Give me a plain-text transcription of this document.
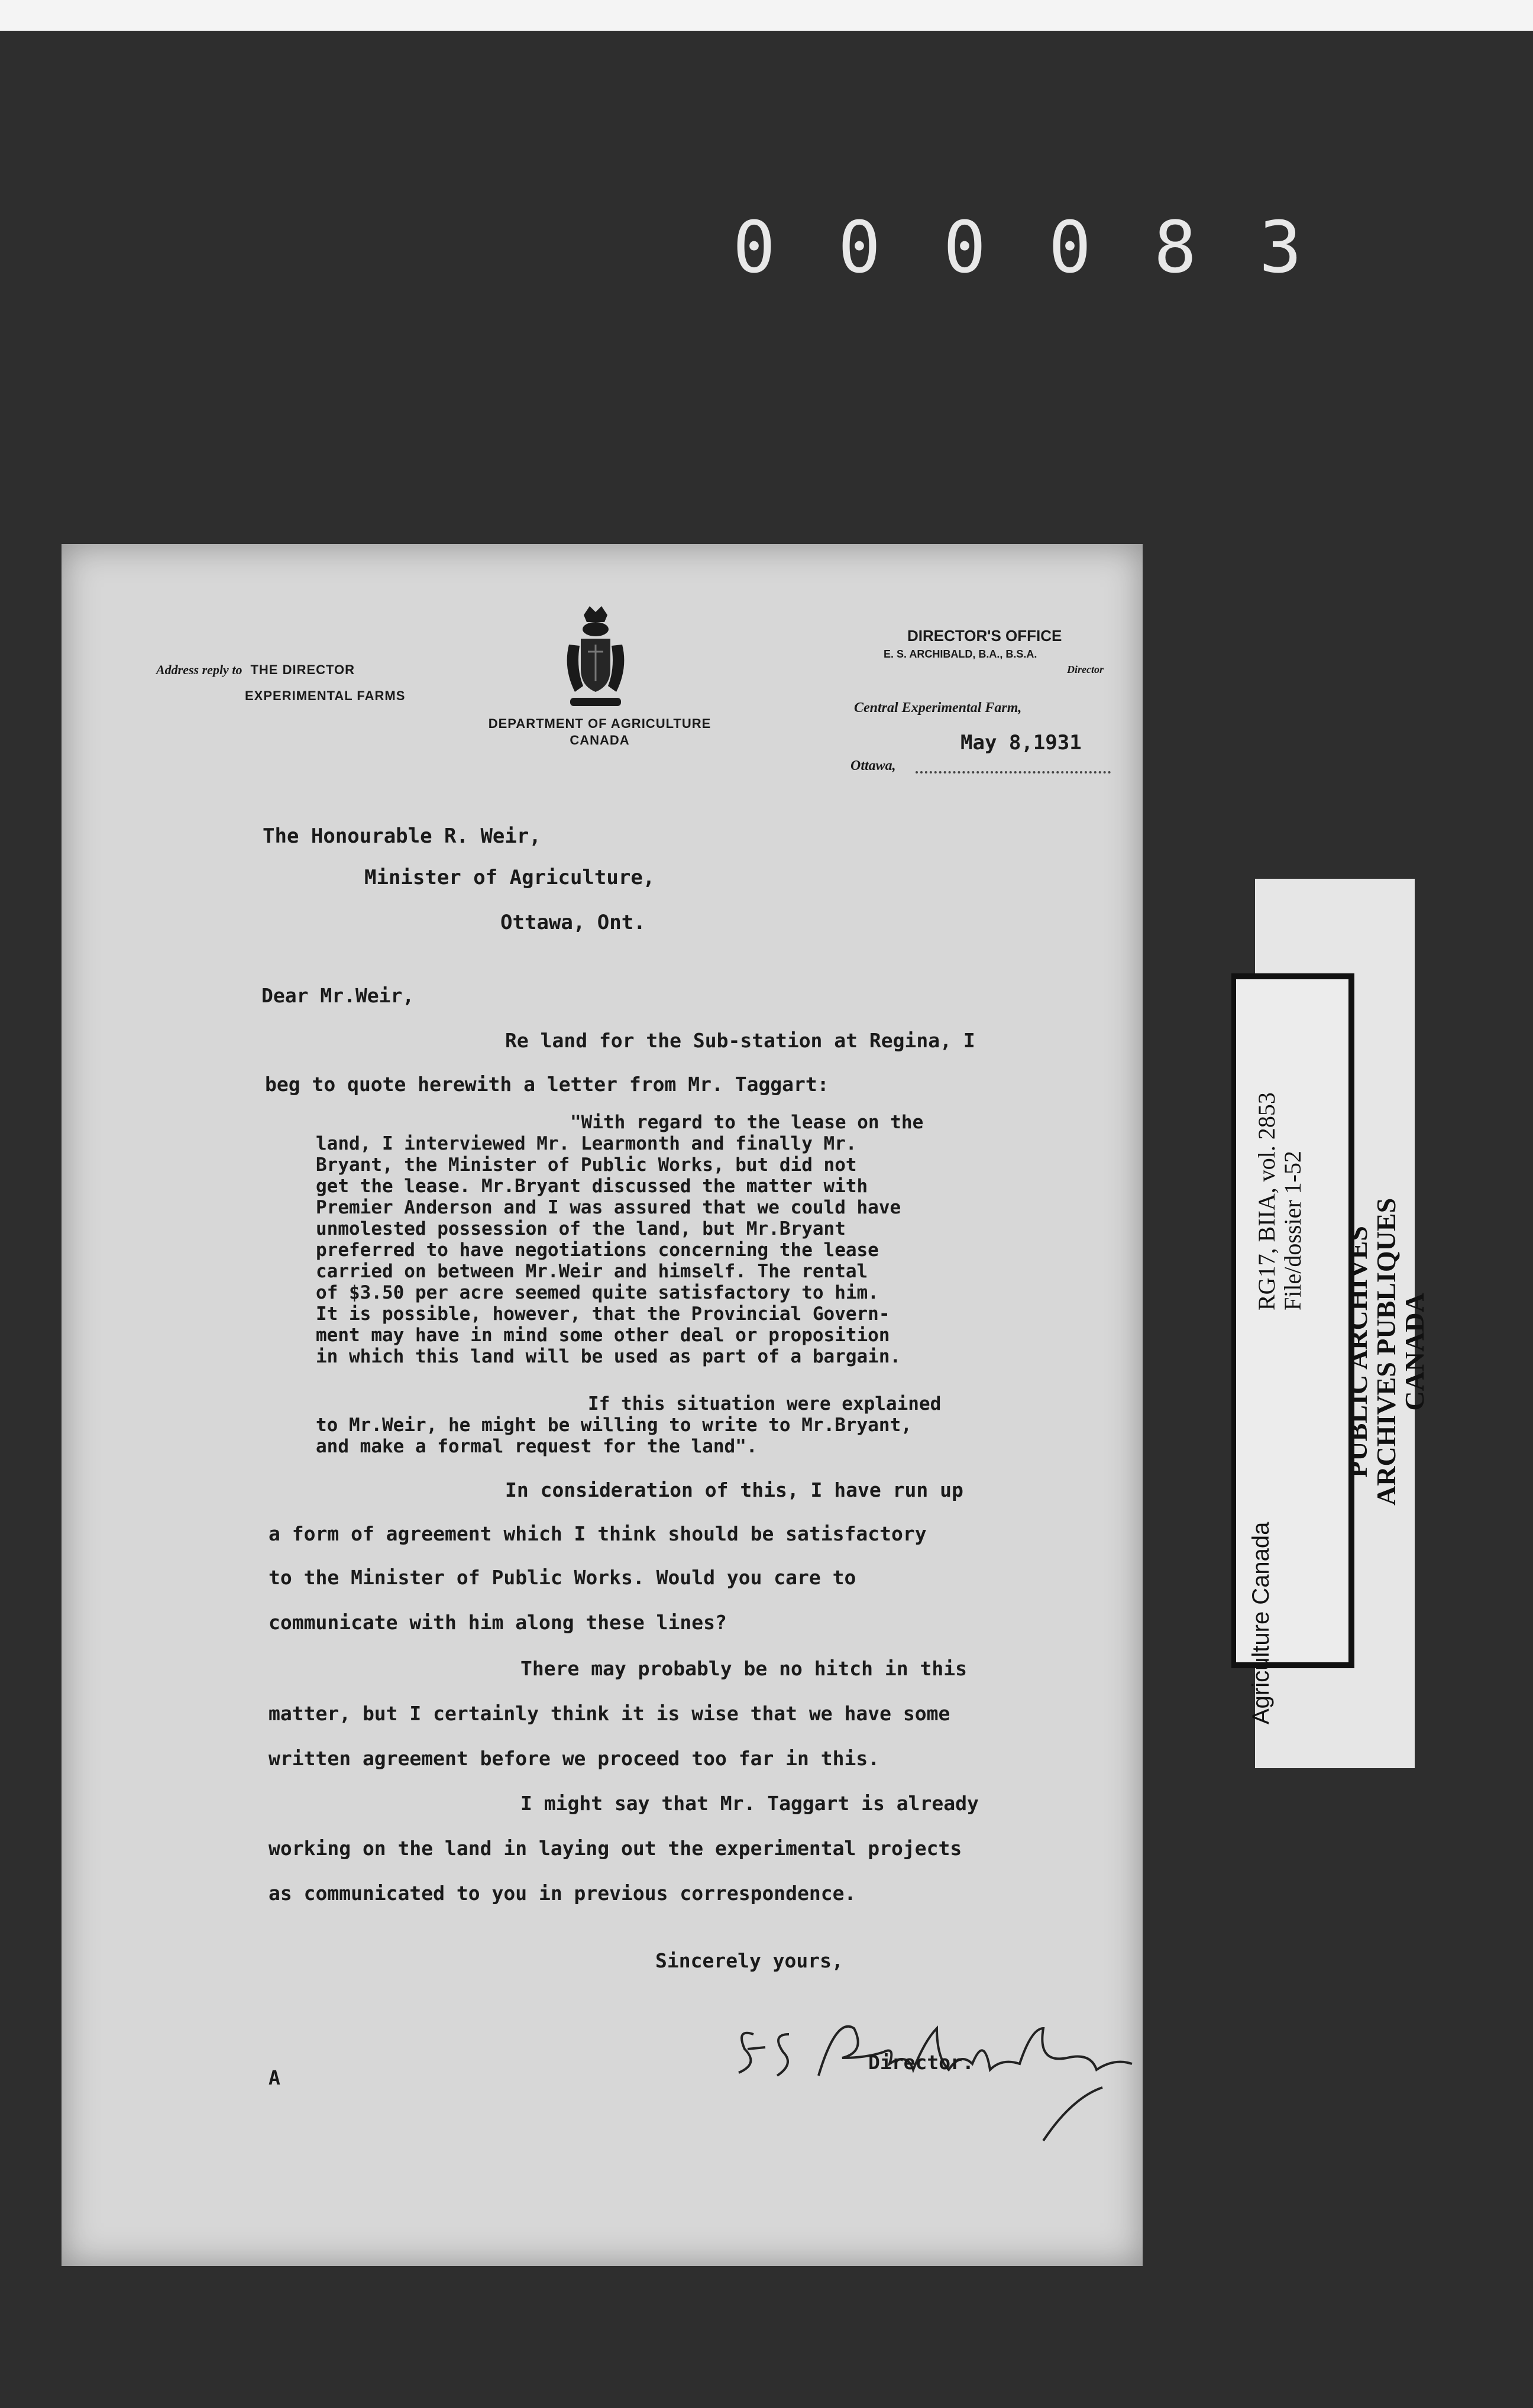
0 0 0 0 8 3
Address reply to THE DIRECTOR
EXPERIMENTAL FARMS
DEPARTMENT OF AGRICULTURE
CANADA
DIRECTOR'S OFFICE
E. S. ARCHIBALD, B.A., B.S.A.
Director
Central Experimental Farm,
May 8,1931
Ottawa,
The Honourable R. Weir,
Minister of Agriculture,
Ottawa, Ont.
Dear Mr.Weir,
Re land for the Sub-station at Regina, I
beg to quote herewith a letter from Mr. Taggart:
"With regard to the lease on the
land, I interviewed Mr. Learmonth and finally Mr.
Bryant, the Minister of Public Works, but did not
get the lease. Mr.Bryant discussed the matter with
Premier Anderson and I was assured that we could have
unmolested possession of the land, but Mr.Bryant
preferred to have negotiations concerning the lease
carried on between Mr.Weir and himself. The rental
of $3.50 per acre seemed quite satisfactory to him.
It is possible, however, that the Provincial Govern-
ment may have in mind some other deal or proposition
in which this land will be used as part of a bargain.
If this situation were explained
to Mr.Weir, he might be willing to write to Mr.Bryant,
and make a formal request for the land".
In consideration of this, I have run up
a form of agreement which I think should be satisfactory
to the Minister of Public Works. Would you care to
communicate with him along these lines?
There may probably be no hitch in this
matter, but I certainly think it is wise that we have some
written agreement before we proceed too far in this.
I might say that Mr. Taggart is already
working on the land in laying out the experimental projects
as communicated to you in previous correspondence.
Sincerely yours,
Director.
A
Agriculture Canada
RG17, BIIA, vol. 2853 File/dossier 1-52 PUBLIC ARCHIVES
ARCHIVES PUBLIQUES
CANADA
